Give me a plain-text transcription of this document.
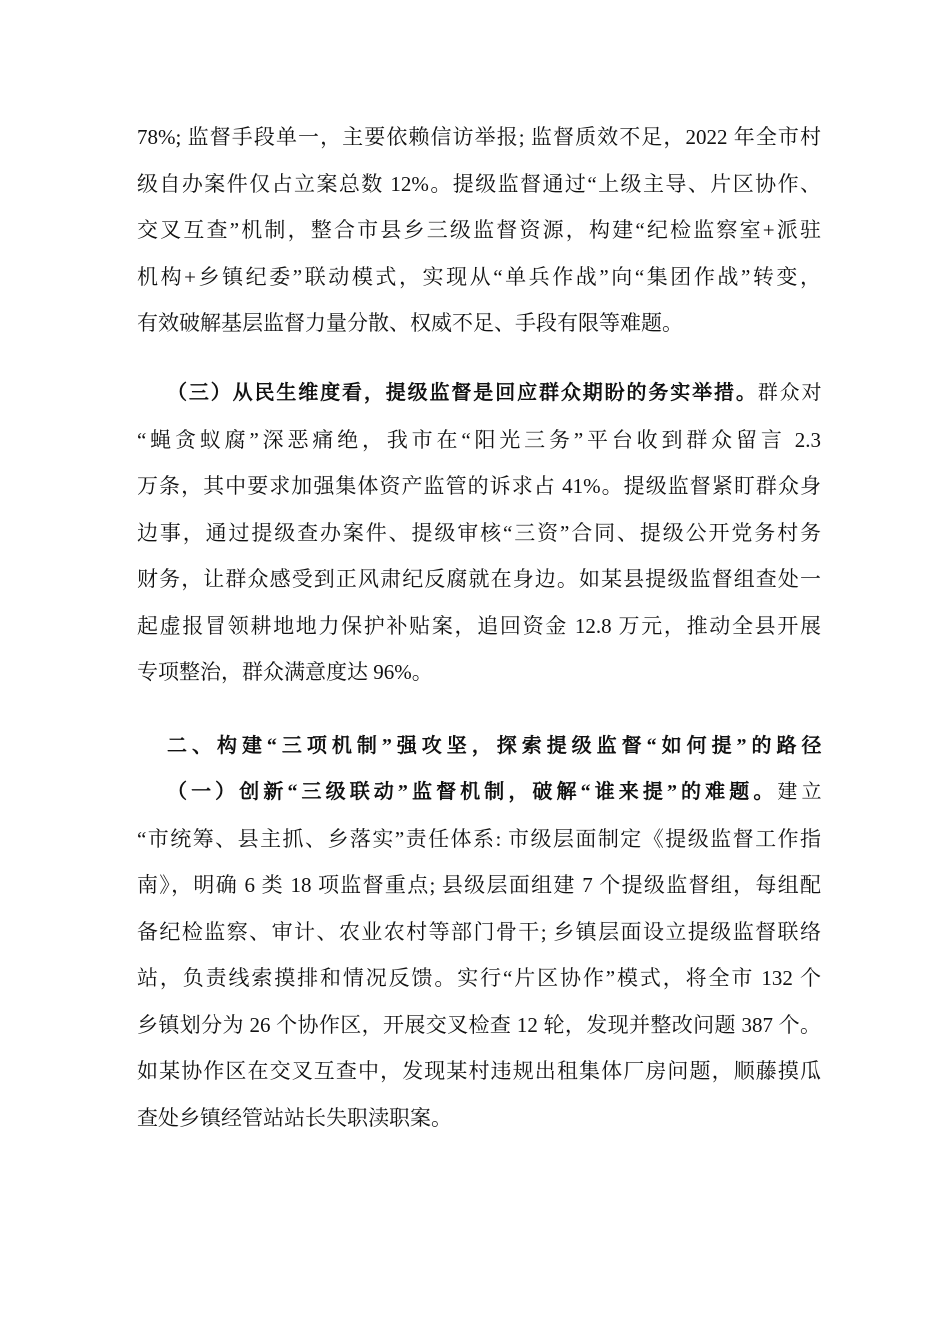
78%; 监督手段单一，主要依赖信访举报; 监督质效不足，2022 年全市村
级自办案件仅占立案总数 12%。提级监督通过“上级主导、片区协作、
交叉互查”机制，整合市县乡三级监督资源，构建“纪检监察室+派驻
机构+乡镇纪委”联动模式，实现从“单兵作战”向“集团作战”转变，
有效破解基层监督力量分散、权威不足、手段有限等难题。
（三）从民生维度看，提级监督是回应群众期盼的务实举措。群众对
“蝇贪蚁腐”深恶痛绝，我市在“阳光三务”平台收到群众留言 2.3
万条，其中要求加强集体资产监管的诉求占 41%。提级监督紧盯群众身
边事，通过提级查办案件、提级审核“三资”合同、提级公开党务村务
财务，让群众感受到正风肃纪反腐就在身边。如某县提级监督组查处一
起虚报冒领耕地地力保护补贴案，追回资金 12.8 万元，推动全县开展
专项整治，群众满意度达 96%。
二、构建“三项机制”强攻坚，探索提级监督“如何提”的路径
（一）创新“三级联动”监督机制，破解“谁来提”的难题。建立
“市统筹、县主抓、乡落实”责任体系: 市级层面制定《提级监督工作指
南》，明确 6 类 18 项监督重点; 县级层面组建 7 个提级监督组，每组配
备纪检监察、审计、农业农村等部门骨干; 乡镇层面设立提级监督联络
站，负责线索摸排和情况反馈。实行“片区协作”模式，将全市 132 个
乡镇划分为 26 个协作区，开展交叉检查 12 轮，发现并整改问题 387 个。
如某协作区在交叉互查中，发现某村违规出租集体厂房问题，顺藤摸瓜
查处乡镇经管站站长失职渎职案。
